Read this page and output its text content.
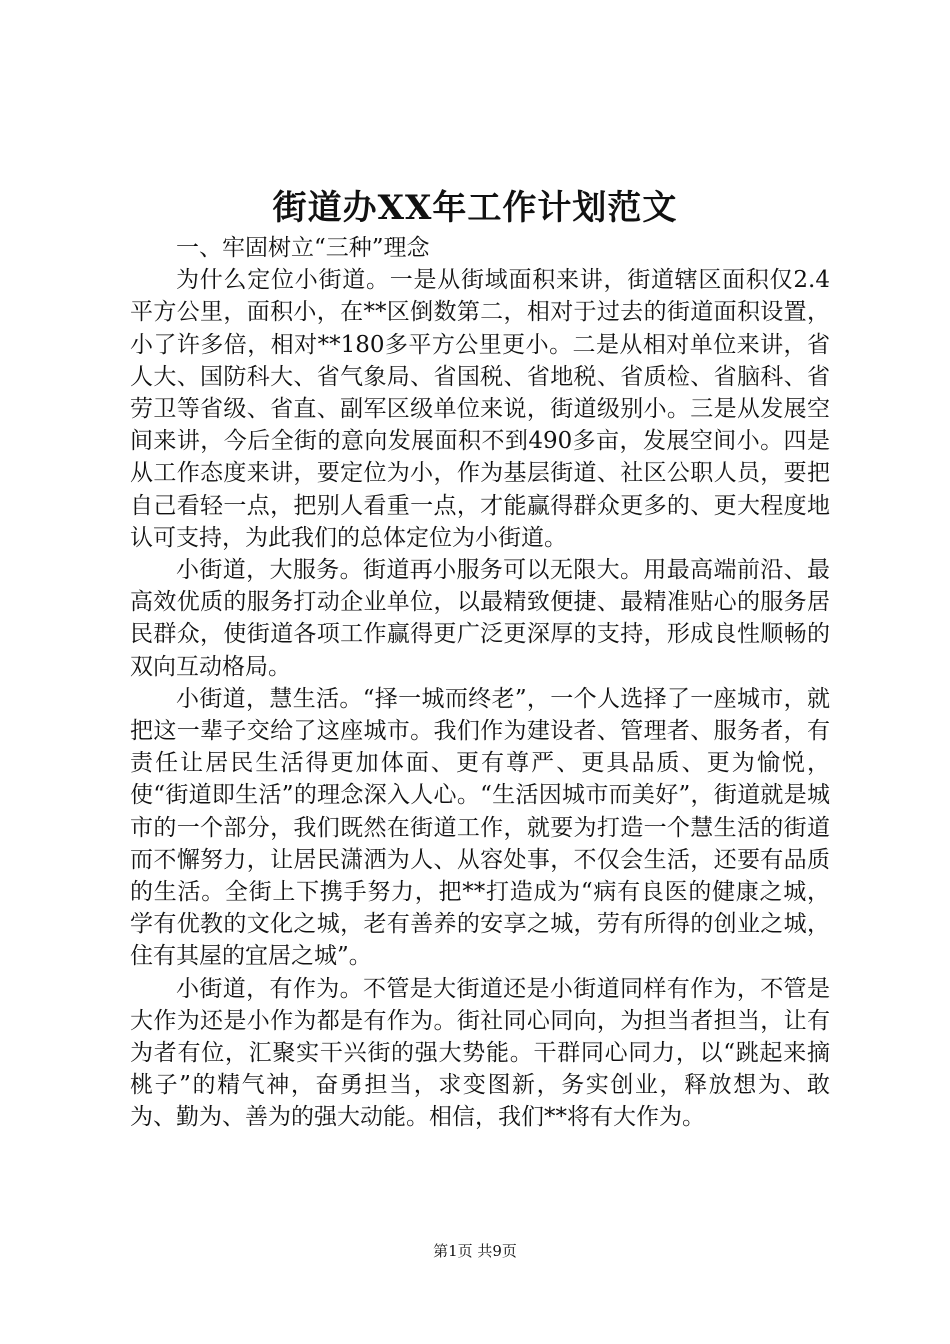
街道办XX年工作计划范文

一、牢固树立“三种”理念

为什么定位小街道。一是从街域面积来讲，街道辖区面积仅2.4平方公里，面积小，在**区倒数第二，相对于过去的街道面积设置，小了许多倍，相对**180多平方公里更小。二是从相对单位来讲，省人大、国防科大、省气象局、省国税、省地税、省质检、省脑科、省劳卫等省级、省直、副军区级单位来说，街道级别小。三是从发展空间来讲，今后全街的意向发展面积不到490多亩，发展空间小。四是从工作态度来讲，要定位为小，作为基层街道、社区公职人员，要把自己看轻一点，把别人看重一点，才能赢得群众更多的、更大程度地认可支持，为此我们的总体定位为小街道。

小街道，大服务。街道再小服务可以无限大。用最高端前沿、最高效优质的服务打动企业单位，以最精致便捷、最精准贴心的服务居民群众，使街道各项工作赢得更广泛更深厚的支持，形成良性顺畅的双向互动格局。

小街道，慧生活。“择一城而终老”，一个人选择了一座城市，就把这一辈子交给了这座城市。我们作为建设者、管理者、服务者，有责任让居民生活得更加体面、更有尊严、更具品质、更为愉悦，使“街道即生活”的理念深入人心。“生活因城市而美好”，街道就是城市的一个部分，我们既然在街道工作，就要为打造一个慧生活的街道而不懈努力，让居民潇洒为人、从容处事，不仅会生活，还要有品质的生活。全街上下携手努力，把**打造成为“病有良医的健康之城，学有优教的文化之城，老有善养的安享之城，劳有所得的创业之城，住有其屋的宜居之城”。

小街道，有作为。不管是大街道还是小街道同样有作为，不管是大作为还是小作为都是有作为。街社同心同向，为担当者担当，让有为者有位，汇聚实干兴街的强大势能。干群同心同力，以“跳起来摘桃子”的精气神，奋勇担当，求变图新，务实创业，释放想为、敢为、勤为、善为的强大动能。相信，我们**将有大作为。

第1页 共9页
